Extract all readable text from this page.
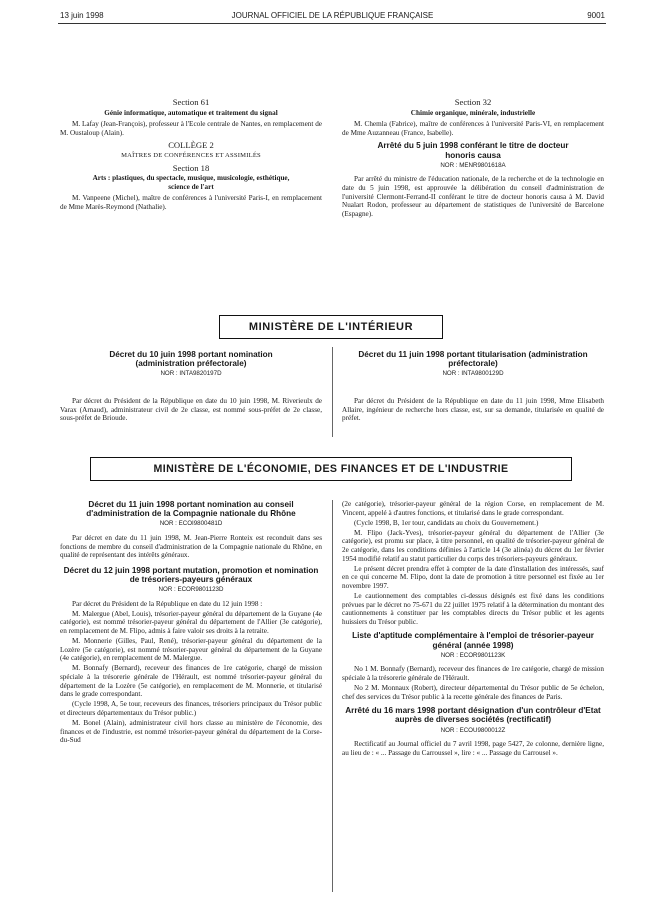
13 juin 1998	JOURNAL OFFICIEL DE LA RÉPUBLIQUE FRANÇAISE	9001
Section 61
Génie informatique, automatique et traitement du signal

M. Lafay (Jean-François), professeur à l'Ecole centrale de Nantes, en remplacement de M. Oustaloup (Alain).

COLLÈGE 2
MAÎTRES DE CONFÉRENCES ET ASSIMILÉS
Section 18
Arts : plastiques, du spectacle, musique, musicologie, esthétique, science de l'art

M. Vanpeene (Michel), maître de conférences à l'université Paris-I, en remplacement de Mme Marès-Reymond (Nathalie).

Section 32
Chimie organique, minérale, industrielle

M. Chemla (Fabrice), maître de conférences à l'université Paris-VI, en remplacement de Mme Auzanneau (France, Isabelle).

Arrêté du 5 juin 1998 conférant le titre de docteur honoris causa
NOR : MENR9801618A

Par arrêté du ministre de l'éducation nationale, de la recherche et de la technologie en date du 5 juin 1998, est approuvée la délibération du conseil d'administration de l'université Clermont-Ferrand-II conférant le titre de docteur honoris causa à M. David Nualart Rodon, professeur au département de statistiques de l'université de Barcelone (Espagne).

MINISTÈRE DE L'INTÉRIEUR
Décret du 10 juin 1998 portant nomination (administration préfectorale)
NOR : INTA9820197D

Par décret du Président de la République en date du 10 juin 1998, M. Riverieulx de Varax (Arnaud), administrateur civil de 2e classe, est nommé sous-préfet de 2e classe, sous-préfet de Brioude.

Décret du 11 juin 1998 portant titularisation (administration préfectorale)
NOR : INTA9800129D

Par décret du Président de la République en date du 11 juin 1998, Mme Elisabeth Allaire, ingénieur de recherche hors classe, est, sur sa demande, titularisée en qualité de préfet.

MINISTÈRE DE L'ÉCONOMIE, DES FINANCES ET DE L'INDUSTRIE
Décret du 11 juin 1998 portant nomination au conseil d'administration de la Compagnie nationale du Rhône
NOR : ECOI9800481D

Par décret en date du 11 juin 1998, M. Jean-Pierre Ronteix est reconduit dans ses fonctions de membre du conseil d'administration de la Compagnie nationale du Rhône, en qualité de représentant des intérêts généraux.

Décret du 12 juin 1998 portant mutation, promotion et nomination de trésoriers-payeurs généraux
NOR : ECOR9801123D

Par décret du Président de la République en date du 12 juin 1998 :

M. Malergue (Abel, Louis), trésorier-payeur général du département de la Guyane (4e catégorie), est nommé trésorier-payeur général du département de l'Allier (3e catégorie), en remplacement de M. Flipo, admis à faire valoir ses droits à la retraite.

M. Monnerie (Gilles, Paul, René), trésorier-payeur général du département de la Lozère (5e catégorie), est nommé trésorier-payeur général du département de la Guyane (4e catégorie), en remplacement de M. Malergue.

M. Bonnafy (Bernard), receveur des finances de 1re catégorie, chargé de mission spéciale à la trésorerie générale de l'Hérault, est nommé trésorier-payeur général du département de la Lozère (5e catégorie), en remplacement de M. Monnerie, et titularisé dans le grade correspondant.

(Cycle 1998, A, 5e tour, receveurs des finances, trésoriers principaux du Trésor public et directeurs départementaux du Trésor public.)

M. Bonel (Alain), administrateur civil hors classe au ministère de l'économie, des finances et de l'industrie, est nommé trésorier-payeur général du département de la Corse-du-Sud

(2e catégorie), trésorier-payeur général de la région Corse, en remplacement de M. Vincent, appelé à d'autres fonctions, et titularisé dans le grade correspondant.

(Cycle 1998, B, 1er tour, candidats au choix du Gouvernement.)

M. Flipo (Jack-Yves), trésorier-payeur général du département de l'Allier (3e catégorie), est promu sur place, à titre personnel, en qualité de trésorier-payeur général de 2e catégorie, dans les conditions définies à l'article 14 (3e alinéa) du décret du 1er février 1954 modifié relatif au statut particulier du corps des trésoriers-payeurs généraux.

Le présent décret prendra effet à compter de la date d'installation des intéressés, sauf en ce qui concerne M. Flipo, dont la date de promotion à titre personnel est fixée au 1er novembre 1997.

Le cautionnement des comptables ci-dessus désignés est fixé dans les conditions prévues par le décret no 75-671 du 22 juillet 1975 relatif à la détermination du montant des cautionnements à constituer par les comptables directs du Trésor public et les agents huissiers du Trésor public.

Liste d'aptitude complémentaire à l'emploi de trésorier-payeur général (année 1998)
NOR : ECOR9801123K

No 1 M. Bonnafy (Bernard), receveur des finances de 1re catégorie, chargé de mission spéciale à la trésorerie générale de l'Hérault.

No 2 M. Monnaux (Robert), directeur départemental du Trésor public de 5e échelon, chef des services du Trésor public à la recette générale des finances de Paris.

Arrêté du 16 mars 1998 portant désignation d'un contrôleur d'Etat auprès de diverses sociétés (rectificatif)
NOR : ECOU9800012Z

Rectificatif au Journal officiel du 7 avril 1998, page 5427, 2e colonne, dernière ligne, au lieu de : « ... Passage du Carroussel », lire : « ... Passage du Carrousel ».
